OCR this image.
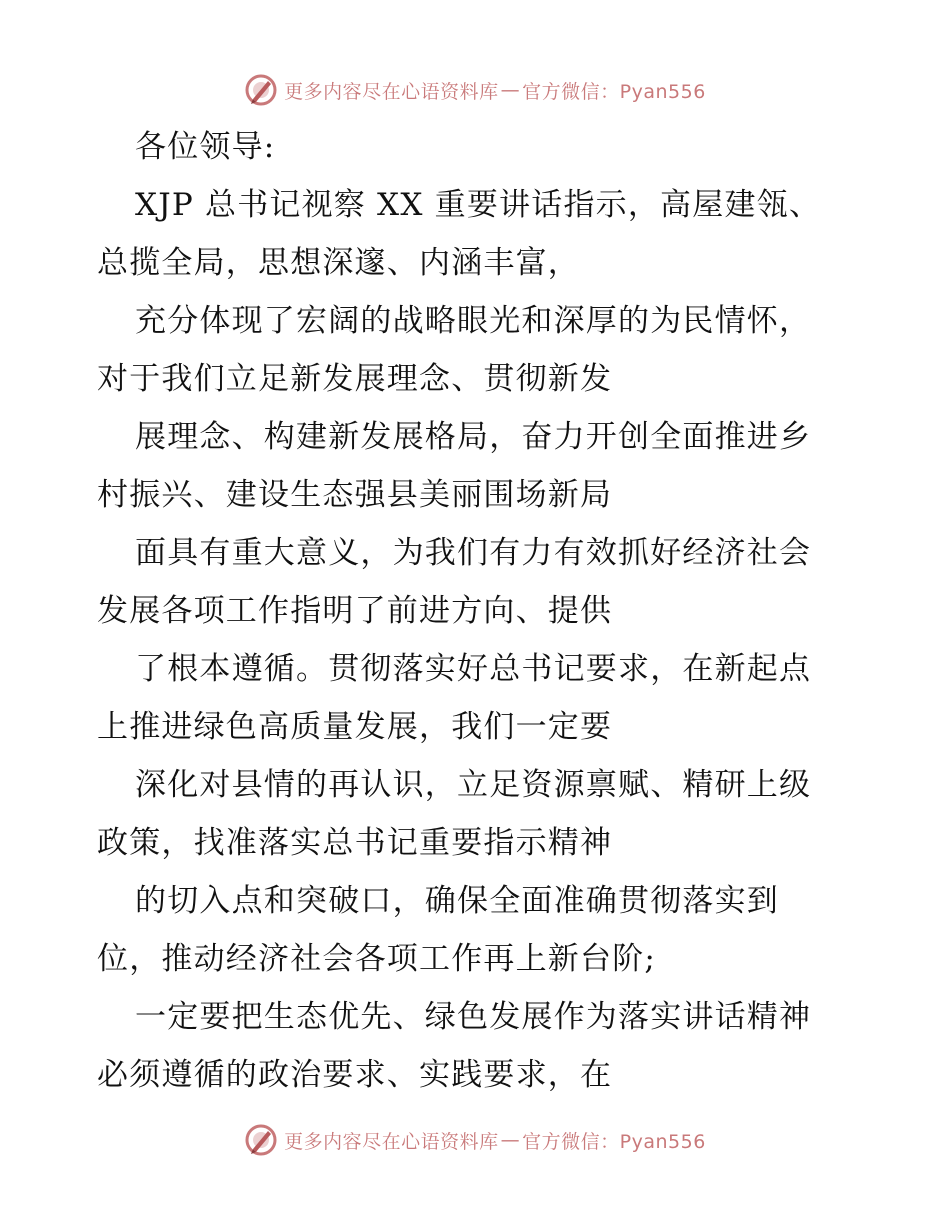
更多内容尽在心语资料库 — 官方微信：Pyan556
各位领导:
XJP 总书记视察 XX 重要讲话指示，高屋建瓴、
总揽全局，思想深邃、内涵丰富，
充分体现了宏阔的战略眼光和深厚的为民情怀，
对于我们立足新发展理念、贯彻新发
展理念、构建新发展格局，奋力开创全面推进乡
村振兴、建设生态强县美丽围场新局
面具有重大意义，为我们有力有效抓好经济社会
发展各项工作指明了前进方向、提供
了根本遵循。贯彻落实好总书记要求，在新起点
上推进绿色高质量发展，我们一定要
深化对县情的再认识，立足资源禀赋、精研上级
政策，找准落实总书记重要指示精神
的切入点和突破口，确保全面准确贯彻落实到
位，推动经济社会各项工作再上新台阶;
一定要把生态优先、绿色发展作为落实讲话精神
必须遵循的政治要求、实践要求，在
更多内容尽在心语资料库 — 官方微信：Pyan556
